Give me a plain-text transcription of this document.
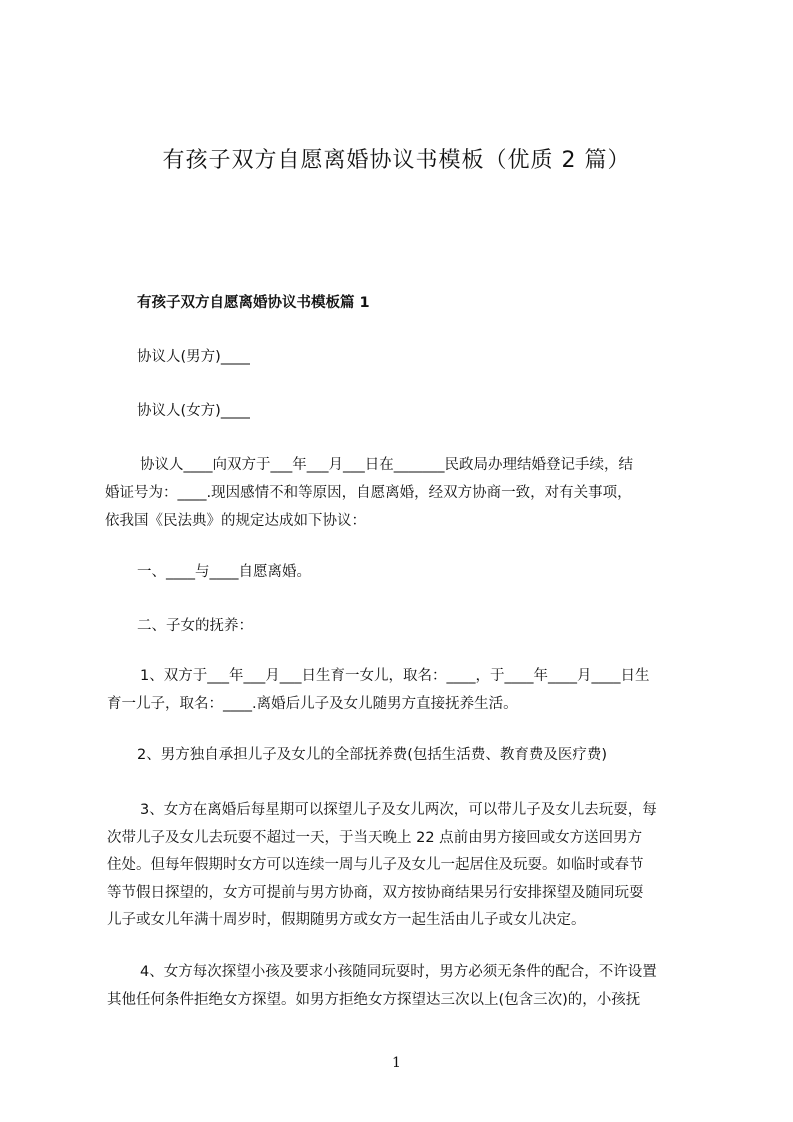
有孩子双方自愿离婚协议书模板（优质 2 篇）

有孩子双方自愿离婚协议书模板篇 1

协议人(男方)____

协议人(女方)____

协议人____向双方于___年___月___日在_______民政局办理结婚登记手续，结

婚证号为：____.现因感情不和等原因，自愿离婚，经双方协商一致，对有关事项，

依我国《民法典》的规定达成如下协议：

一、____与____自愿离婚。

二、子女的抚养：

1、双方于___年___月___日生育一女儿，取名：____，于____年____月____日生

育一儿子，取名：____.离婚后儿子及女儿随男方直接抚养生活。

2、男方独自承担儿子及女儿的全部抚养费(包括生活费、教育费及医疗费)

3、女方在离婚后每星期可以探望儿子及女儿两次，可以带儿子及女儿去玩耍，每

次带儿子及女儿去玩耍不超过一天，于当天晚上 22 点前由男方接回或女方送回男方

住处。但每年假期时女方可以连续一周与儿子及女儿一起居住及玩耍。如临时或春节

等节假日探望的，女方可提前与男方协商，双方按协商结果另行安排探望及随同玩耍

儿子或女儿年满十周岁时，假期随男方或女方一起生活由儿子或女儿决定。

4、女方每次探望小孩及要求小孩随同玩耍时，男方必须无条件的配合，不许设置

其他任何条件拒绝女方探望。如男方拒绝女方探望达三次以上(包含三次)的，小孩抚

1
